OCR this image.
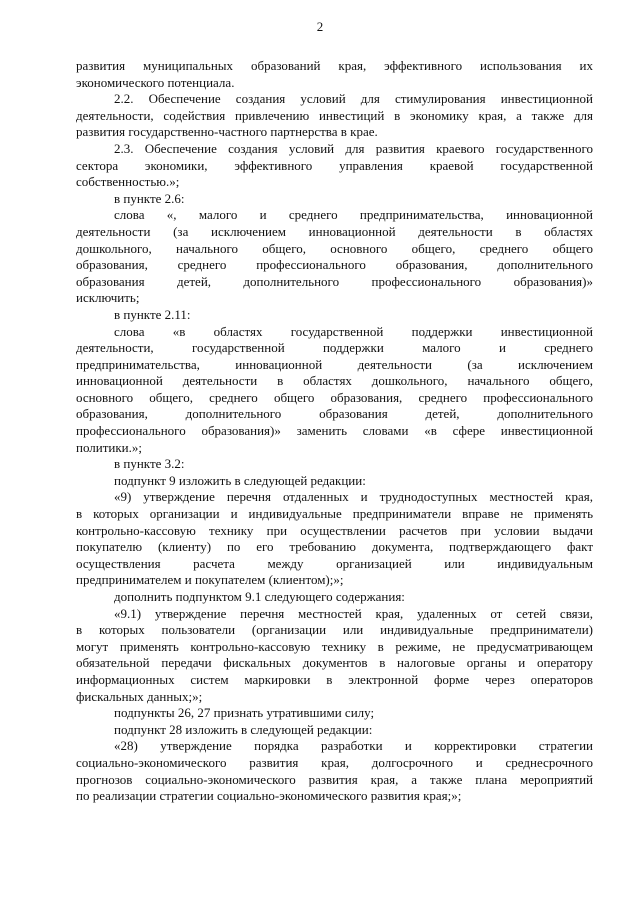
2
развития муниципальных образований края, эффективного использования их
экономического потенциала.
2.2. Обеспечение создания условий для стимулирования инвестиционной
деятельности, содействия привлечению инвестиций в экономику края, а также для
развития государственно-частного партнерства в крае.
2.3. Обеспечение создания условий для развития краевого государственного
сектора экономики, эффективного управления краевой государственной
собственностью.»;
в пункте 2.6:
слова «, малого и среднего предпринимательства, инновационной
деятельности (за исключением инновационной деятельности в областях
дошкольного, начального общего, основного общего, среднего общего
образования, среднего профессионального образования, дополнительного
образования детей, дополнительного профессионального образования)»
исключить;
в пункте 2.11:
слова «в областях государственной поддержки инвестиционной
деятельности, государственной поддержки малого и среднего
предпринимательства, инновационной деятельности (за исключением
инновационной деятельности в областях дошкольного, начального общего,
основного общего, среднего общего образования, среднего профессионального
образования, дополнительного образования детей, дополнительного
профессионального образования)» заменить словами «в сфере инвестиционной
политики.»;
в пункте 3.2:
подпункт 9 изложить в следующей редакции:
«9) утверждение перечня отдаленных и труднодоступных местностей края,
в которых организации и индивидуальные предприниматели вправе не применять
контрольно-кассовую технику при осуществлении расчетов при условии выдачи
покупателю (клиенту) по его требованию документа, подтверждающего факт
осуществления расчета между организацией или индивидуальным
предпринимателем и покупателем (клиентом);»;
дополнить подпунктом 9.1 следующего содержания:
«9.1) утверждение перечня местностей края, удаленных от сетей связи,
в которых пользователи (организации или индивидуальные предприниматели)
могут применять контрольно-кассовую технику в режиме, не предусматривающем
обязательной передачи фискальных документов в налоговые органы и оператору
информационных систем маркировки в электронной форме через операторов
фискальных данных;»;
подпункты 26, 27 признать утратившими силу;
подпункт 28 изложить в следующей редакции:
«28) утверждение порядка разработки и корректировки стратегии
социально-экономического развития края, долгосрочного и среднесрочного
прогнозов социально-экономического развития края, а также плана мероприятий
по реализации стратегии социально-экономического развития края;»;
